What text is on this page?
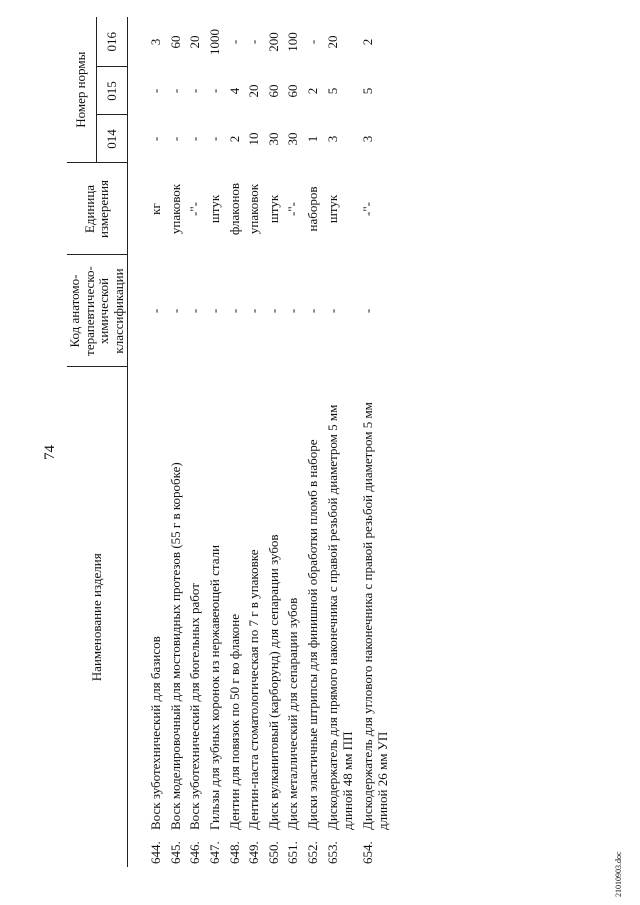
74
Наименование изделия	Код анатомо-терапевтическо-химической классификации	Единица измерения	Номер нормы		
			014	015	016
644.Воск зуботехнический для базисов	-	кг	-	-	3
645.Воск моделировочный для мостовидных протезов (55 г в коробке)	-	упаковок	-	-	60
646.Воск зуботехнический для бюгельных работ	-	-"-	-	-	20
647.Гильзы для зубных коронок из нержавеющей стали	-	штук	-	-	1000
648.Дентин для повязок по 50 г во флаконе	-	флаконов	2	4	-
649.Дентин-паста стоматологическая по 7 г в упаковке	-	упаковок	10	20	-
650.Диск вулканитовый (карборунд) для сепарации зубов	-	штук	30	60	200
651.Диск металлический для сепарации зубов	-	-"-	30	60	100
652.Диски эластичные штрипсы для финишной обработки пломб в наборе	-	наборов	1	2	-
653.Дискодержатель для прямого наконечника с правой резьбой диаметром 5 мм длиной 48 мм ПП	-	штук	3	5	20
654.Дискодержатель для углового наконечника с правой резьбой диаметром 5 мм длиной 26 мм УП	-	-"-	3	5	2
21010903.doc
